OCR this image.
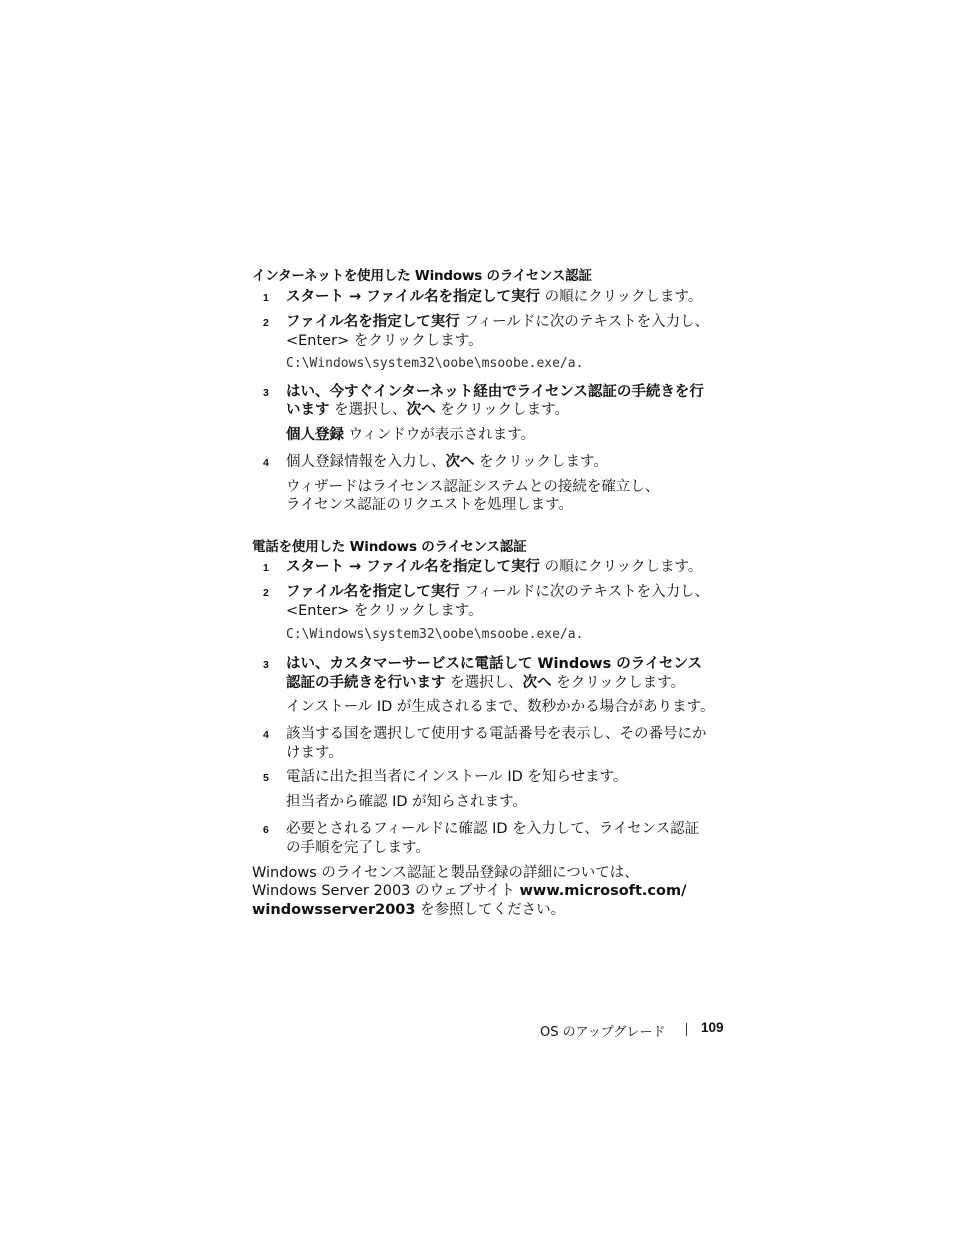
インターネットを使用した Windows のライセンス認証
1 スタート → ファイル名を指定して実行 の順にクリックします。
2 ファイル名を指定して実行 フィールドに次のテキストを入力し、
<Enter> をクリックします。
C:\Windows\system32\oobe\msoobe.exe/a.
3 はい、今すぐインターネット経由でライセンス認証の手続きを行
います を選択し、次へ をクリックします。
個人登録 ウィンドウが表示されます。
4 個人登録情報を入力し、次へ をクリックします。
ウィザードはライセンス認証システムとの接続を確立し、
ライセンス認証のリクエストを処理します。
電話を使用した Windows のライセンス認証
1 スタート → ファイル名を指定して実行 の順にクリックします。
2 ファイル名を指定して実行 フィールドに次のテキストを入力し、
<Enter> をクリックします。
C:\Windows\system32\oobe\msoobe.exe/a.
3 はい、カスタマーサービスに電話して Windows のライセンス
認証の手続きを行います を選択し、次へ をクリックします。
インストール ID が生成されるまで、数秒かかる場合があります。
4 該当する国を選択して使用する電話番号を表示し、その番号にか
けます。
5 電話に出た担当者にインストール ID を知らせます。
担当者から確認 ID が知らされます。
6 必要とされるフィールドに確認 ID を入力して、ライセンス認証
の手順を完了します。
Windows のライセンス認証と製品登録の詳細については、
Windows Server 2003 のウェブサイト www.microsoft.com/
windowsserver2003 を参照してください。
OS のアップグレード	109
